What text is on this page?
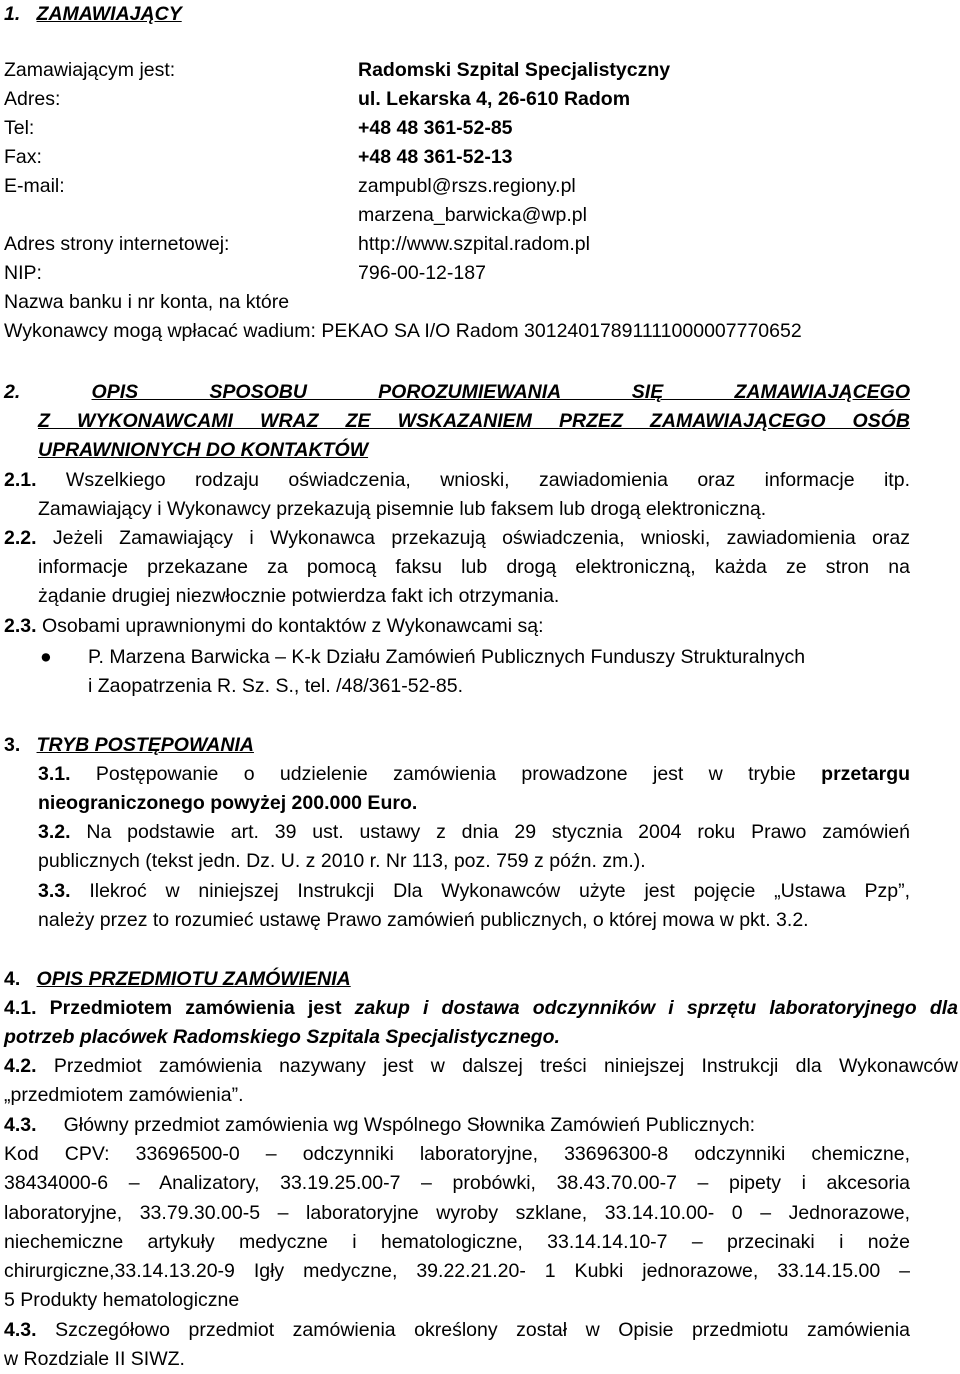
1. ZAMAWIAJĄCY
Zamawiającym jest:	Radomski Szpital Specjalistyczny
Adres:	ul. Lekarska 4, 26-610 Radom
Tel:	+48 48 361-52-85
Fax:	+48 48 361-52-13
E-mail:	zampubl@rszs.regiony.pl
marzena_barwicka@wp.pl
Adres strony internetowej:	http://www.szpital.radom.pl
NIP:	796-00-12-187
Nazwa banku i nr konta, na które
Wykonawcy mogą wpłacać wadium: PEKAO SA I/O Radom 30124017891111000007770652
2.	OPIS SPOSOBU POROZUMIEWANIA SIĘ ZAMAWIAJĄCEGO
Z WYKONAWCAMI WRAZ ZE WSKAZANIEM PRZEZ ZAMAWIAJĄCEGO OSÓB
UPRAWNIONYCH DO KONTAKTÓW
2.1. Wszelkiego rodzaju oświadczenia, wnioski, zawiadomienia oraz informacje itp.
Zamawiający i Wykonawcy przekazują pisemnie lub faksem lub drogą elektroniczną.
2.2. Jeżeli Zamawiający i Wykonawca przekazują oświadczenia, wnioski, zawiadomienia oraz
informacje przekazane za pomocą faksu lub drogą elektroniczną, każda ze stron na
żądanie drugiej niezwłocznie potwierdza fakt ich otrzymania.
2.3. Osobami uprawnionymi do kontaktów z Wykonawcami są:
● P. Marzena Barwicka – K-k Działu Zamówień Publicznych Funduszy Strukturalnych
i Zaopatrzenia R. Sz. S., tel. /48/361-52-85.
3. TRYB POSTĘPOWANIA
3.1. Postępowanie o udzielenie zamówienia prowadzone jest w trybie przetargu
nieograniczonego powyżej 200.000 Euro.
3.2. Na podstawie art. 39 ust. ustawy z dnia 29 stycznia 2004 roku Prawo zamówień
publicznych (tekst jedn. Dz. U. z 2010 r. Nr 113, poz. 759 z późn. zm.).
3.3. Ilekroć w niniejszej Instrukcji Dla Wykonawców użyte jest pojęcie „Ustawa Pzp”,
należy przez to rozumieć ustawę Prawo zamówień publicznych, o której mowa w pkt. 3.2.
4. OPIS PRZEDMIOTU ZAMÓWIENIA
4.1. Przedmiotem zamówienia jest zakup i dostawa odczynników i sprzętu laboratoryjnego dla
potrzeb placówek Radomskiego Szpitala Specjalistycznego.
4.2. Przedmiot zamówienia nazywany jest w dalszej treści niniejszej Instrukcji dla Wykonawców
„przedmiotem zamówienia”.
4.3. Główny przedmiot zamówienia wg Wspólnego Słownika Zamówień Publicznych:
Kod CPV: 33696500-0 – odczynniki laboratoryjne, 33696300-8 odczynniki chemiczne,
38434000-6 – Analizatory, 33.19.25.00-7 – probówki, 38.43.70.00-7 – pipety i akcesoria
laboratoryjne, 33.79.30.00-5 – laboratoryjne wyroby szklane, 33.14.10.00- 0 – Jednorazowe,
niechemiczne artykuły medyczne i hematologiczne, 33.14.14.10-7 – przecinaki i noże
chirurgiczne,33.14.13.20-9 Igły medyczne, 39.22.21.20- 1 Kubki jednorazowe, 33.14.15.00 –
5 Produkty hematologiczne
4.3. Szczegółowo przedmiot zamówienia określony został w Opisie przedmiotu zamówienia
w Rozdziale II SIWZ.
